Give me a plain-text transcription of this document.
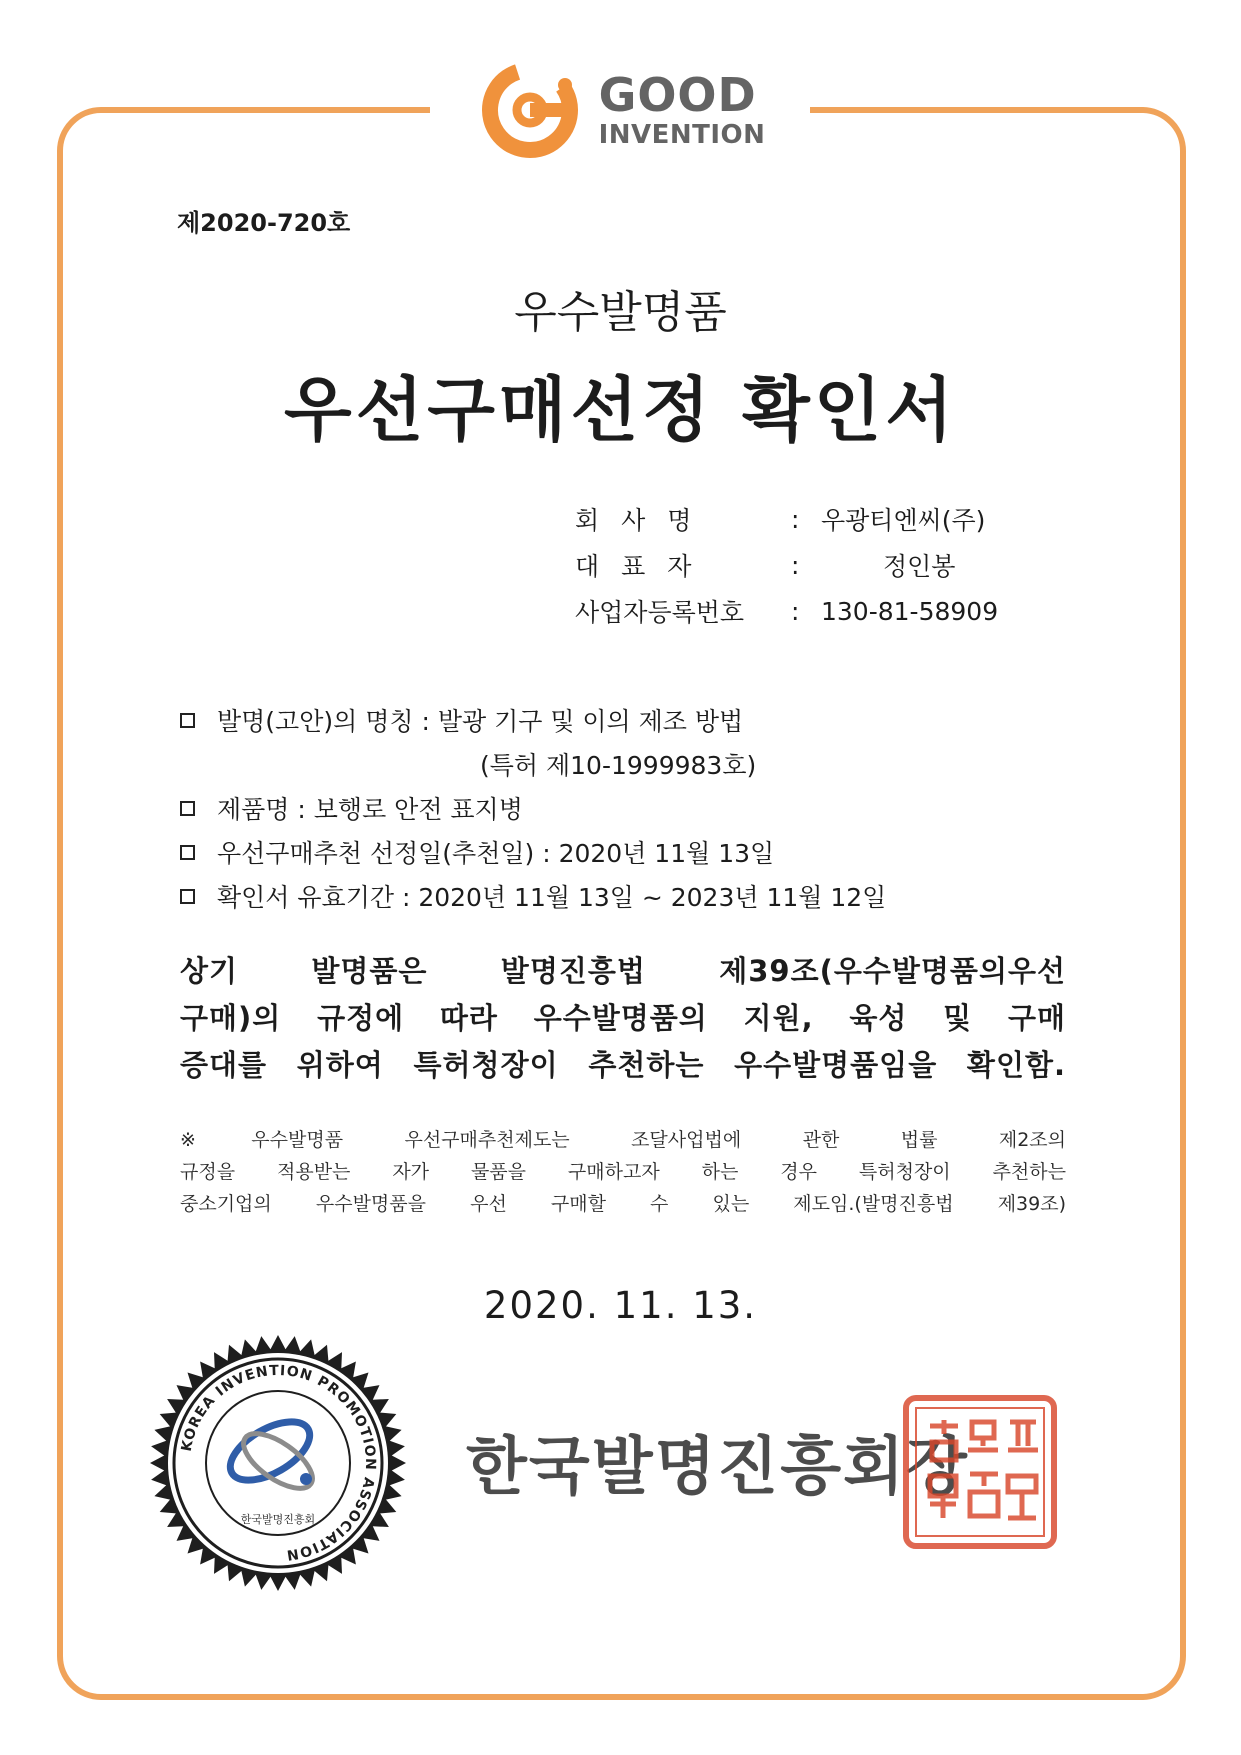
GOOD
INVENTION
제2020-720호
우수발명품
우선구매선정 확인서
회사명	: 우광티엔씨(주)
대표자	:	정인봉
사업자등록번호	: 130-81-58909
발명(고안)의 명칭 : 발광 기구 및 이의 제조 방법
(특허 제10-1999983호)
제품명 : 보행로 안전 표지병
우선구매추천 선정일(추천일) : 2020년 11월 13일
확인서 유효기간 : 2020년 11월 13일 ~ 2023년 11월 12일
상기 발명품은 발명진흥법 제39조(우수발명품의우선
구매)의 규정에 따라 우수발명품의 지원, 육성 및 구매
증대를 위하여 특허청장이 추천하는 우수발명품임을 확인함.
※우수발명품 우선구매추천제도는 조달사업법에 관한 법률 제2조의
규정을 적용받는 자가 물품을 구매하고자 하는 경우 특허청장이 추천하는
중소기업의 우수발명품을 우선 구매할 수 있는 제도임.(발명진흥법 제39조)
2020. 11. 13.
KOREA INVENTION PROMOTION ASSOCIATION
한국발명진흥회
한국발명진흥회장
